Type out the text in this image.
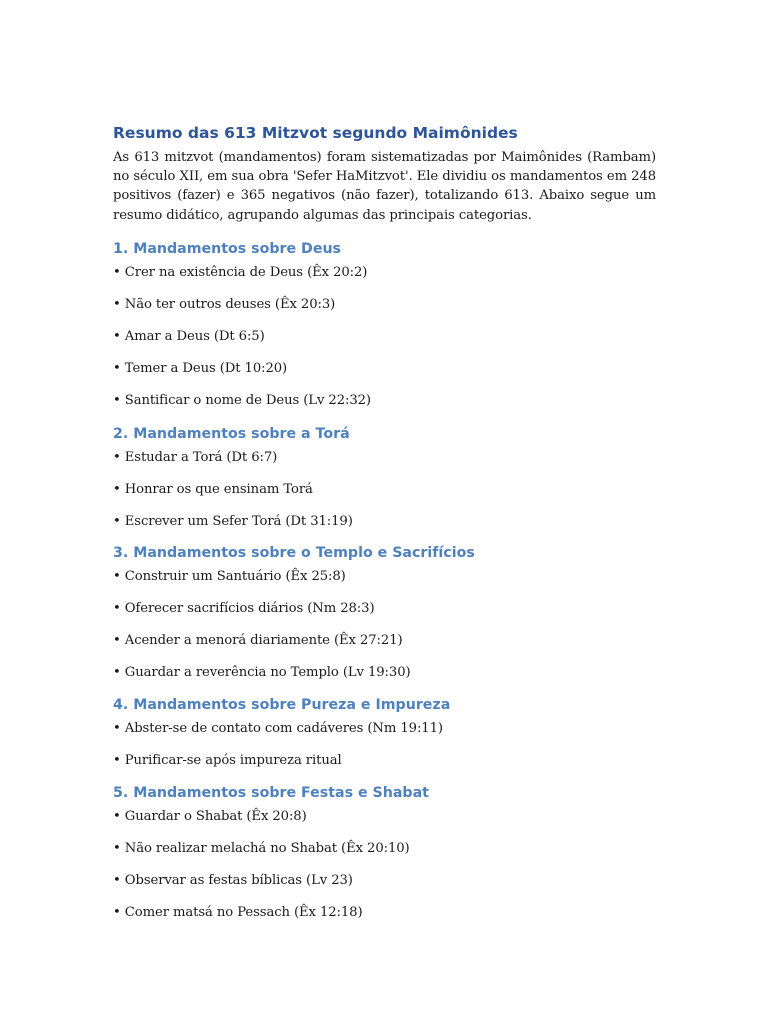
Resumo das 613 Mitzvot segundo Maimônides

As 613 mitzvot (mandamentos) foram sistematizadas por Maimônides (Rambam) no século XII, em sua obra 'Sefer HaMitzvot'. Ele dividiu os mandamentos em 248 positivos (fazer) e 365 negativos (não fazer), totalizando 613. Abaixo segue um resumo didático, agrupando algumas das principais categorias.

1. Mandamentos sobre Deus

• Crer na existência de Deus (Êx 20:2)

• Não ter outros deuses (Êx 20:3)

• Amar a Deus (Dt 6:5)

• Temer a Deus (Dt 10:20)

• Santificar o nome de Deus (Lv 22:32)

2. Mandamentos sobre a Torá

• Estudar a Torá (Dt 6:7)

• Honrar os que ensinam Torá

• Escrever um Sefer Torá (Dt 31:19)

3. Mandamentos sobre o Templo e Sacrifícios

• Construir um Santuário (Êx 25:8)

• Oferecer sacrifícios diários (Nm 28:3)

• Acender a menorá diariamente (Êx 27:21)

• Guardar a reverência no Templo (Lv 19:30)

4. Mandamentos sobre Pureza e Impureza

• Abster-se de contato com cadáveres (Nm 19:11)

• Purificar-se após impureza ritual

5. Mandamentos sobre Festas e Shabat

• Guardar o Shabat (Êx 20:8)

• Não realizar melachá no Shabat (Êx 20:10)

• Observar as festas bíblicas (Lv 23)

• Comer matsá no Pessach (Êx 12:18)
